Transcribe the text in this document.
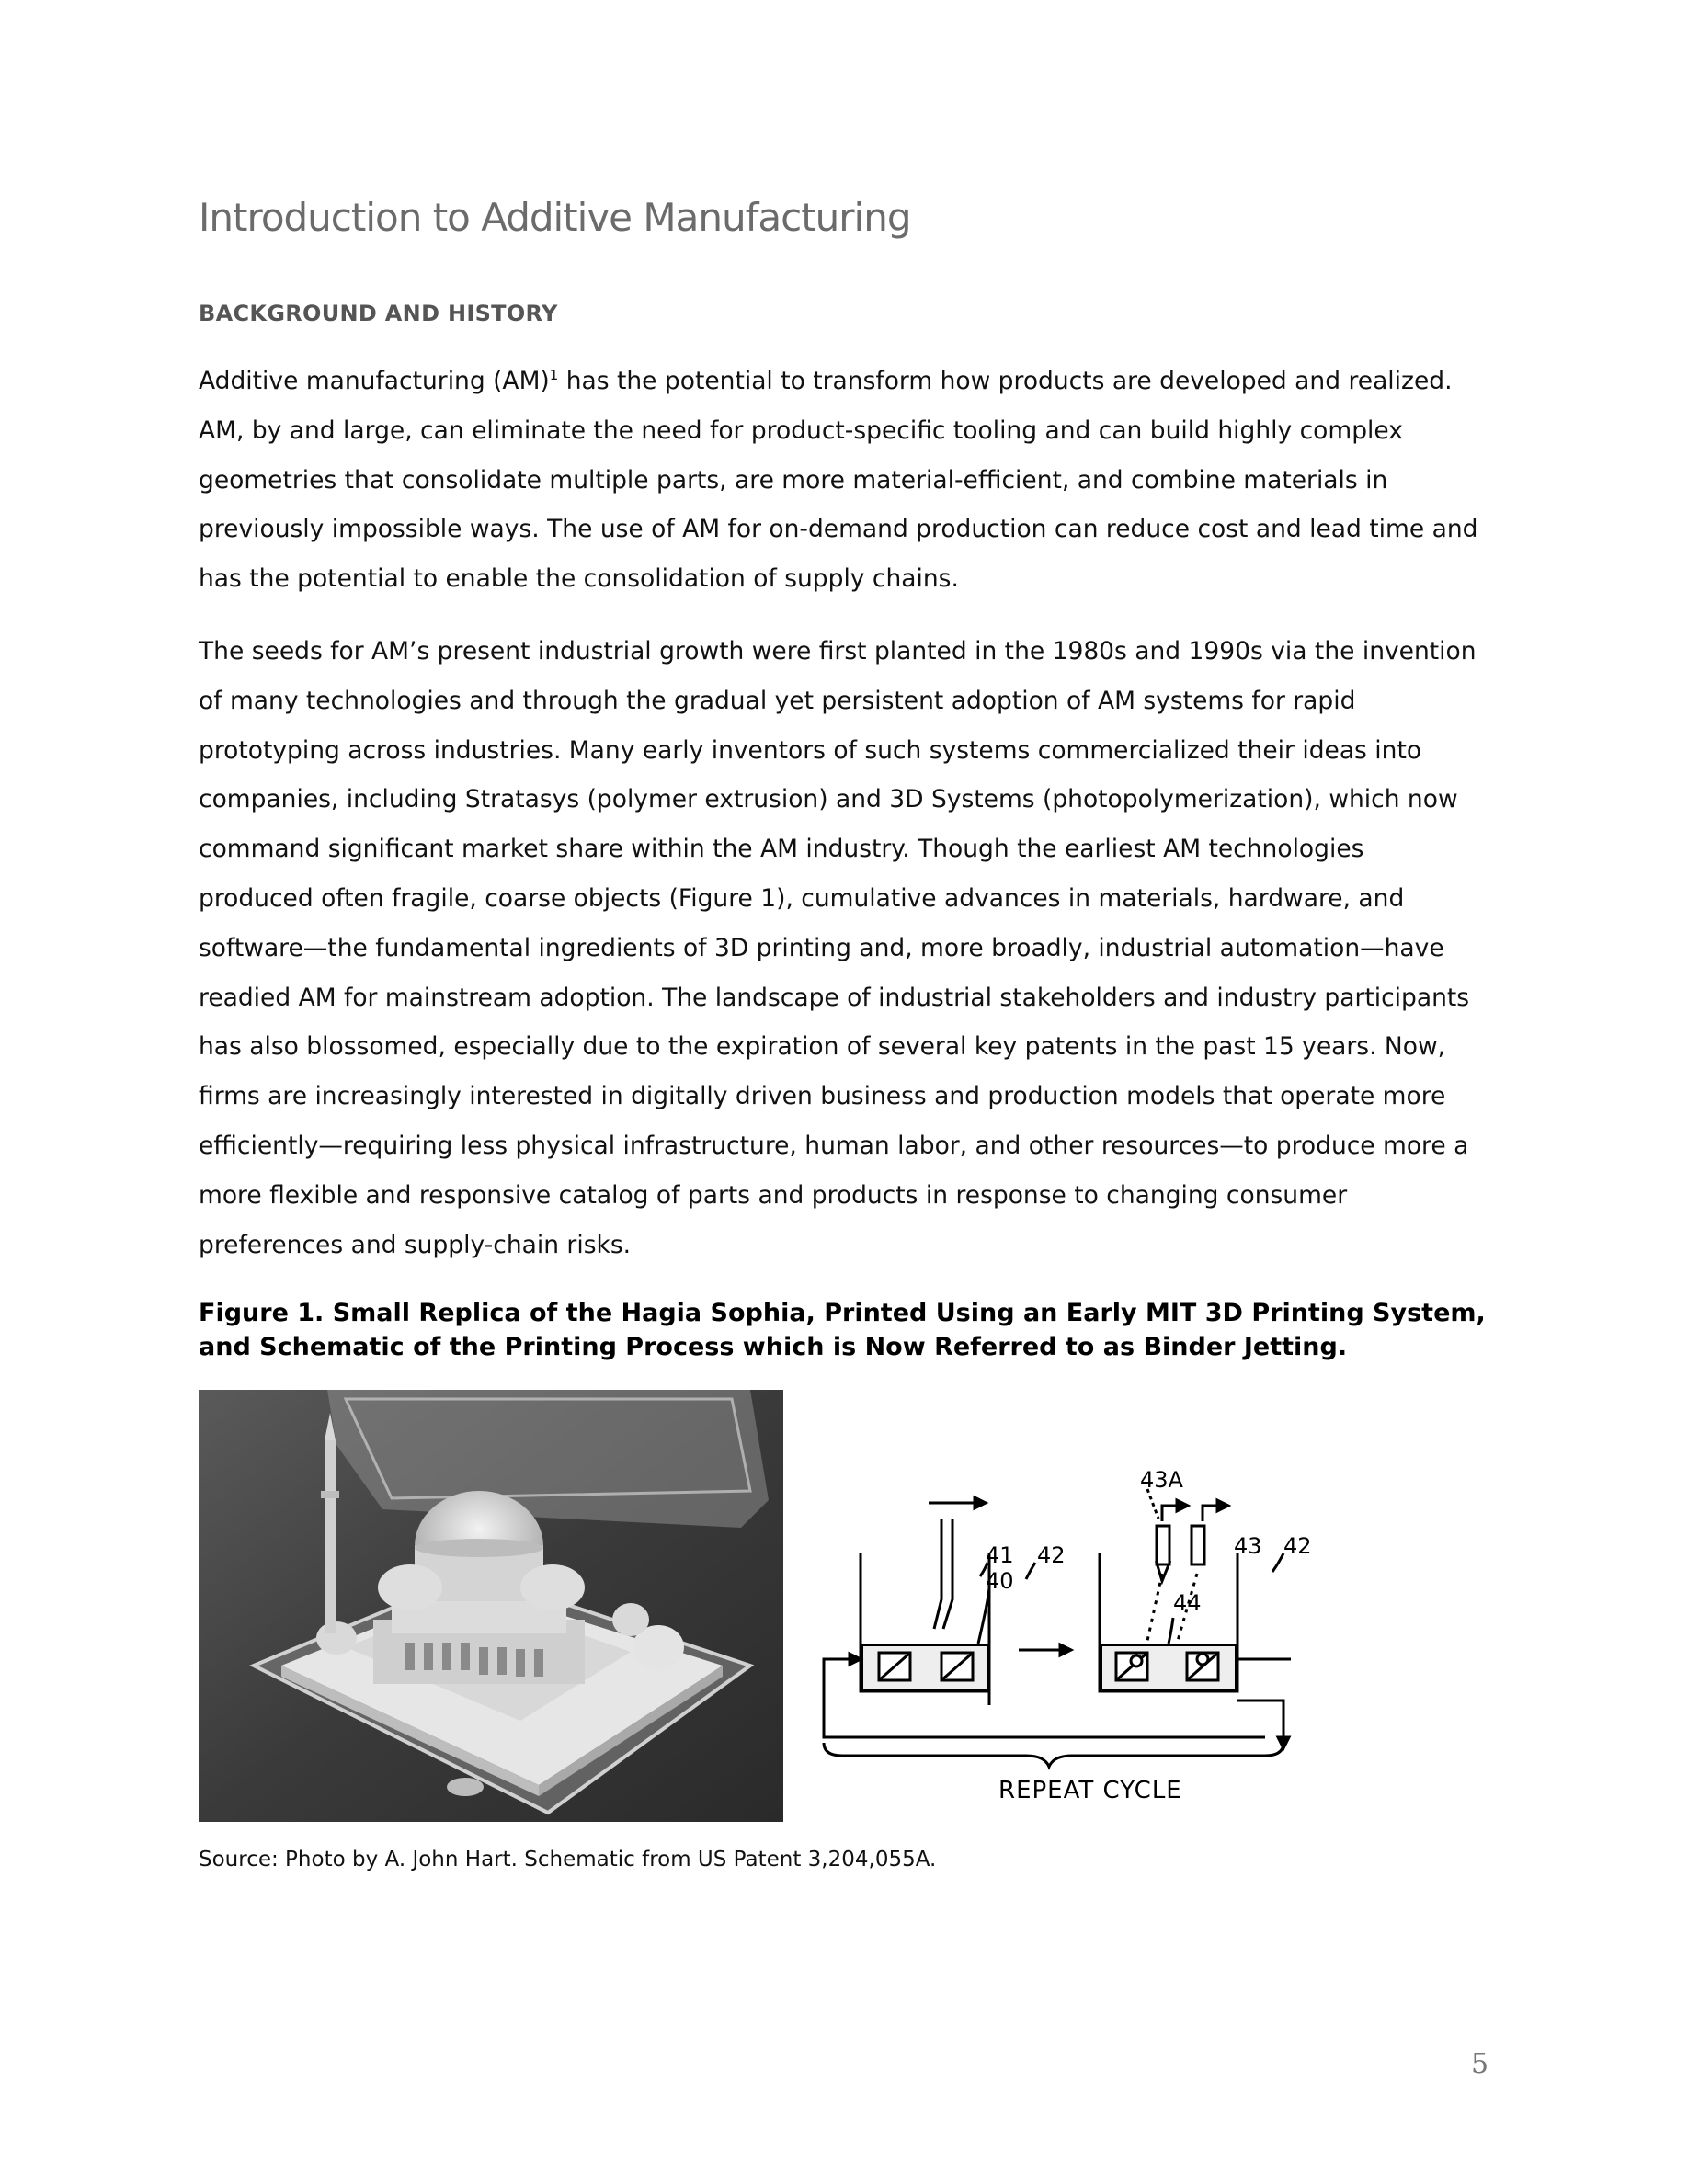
Introduction to Additive Manufacturing
BACKGROUND AND HISTORY

Additive manufacturing (AM)$^1$ has the potential to transform how products are developed and realized. AM, by and large, can eliminate the need for product-specific tooling and can build highly complex geometries that consolidate multiple parts, are more material-efficient, and combine materials in previously impossible ways. The use of AM for on-demand production can reduce cost and lead time and has the potential to enable the consolidation of supply chains.

The seeds for AM’s present industrial growth were first planted in the 1980s and 1990s via the invention of many technologies and through the gradual yet persistent adoption of AM systems for rapid prototyping across industries. Many early inventors of such systems commercialized their ideas into companies, including Stratasys (polymer extrusion) and 3D Systems (photopolymerization), which now command significant market share within the AM industry. Though the earliest AM technologies produced often fragile, coarse objects (Figure 1), cumulative advances in materials, hardware, and software—the fundamental ingredients of 3D printing and, more broadly, industrial automation—have readied AM for mainstream adoption. The landscape of industrial stakeholders and industry participants has also blossomed, especially due to the expiration of several key patents in the past 15 years. Now, firms are increasingly interested in digitally driven business and production models that operate more efficiently—requiring less physical infrastructure, human labor, and other resources—to produce more a more flexible and responsive catalog of parts and products in response to changing consumer preferences and supply-chain risks.

Figure 1. Small Replica of the Hagia Sophia, Printed Using an Early MIT 3D Printing System, and Schematic of the Printing Process which is Now Referred to as Binder Jetting.

41
40
42
43A
43
44
42
REPEAT CYCLE

Source: Photo by A. John Hart. Schematic from US Patent 3,204,055A.

5
